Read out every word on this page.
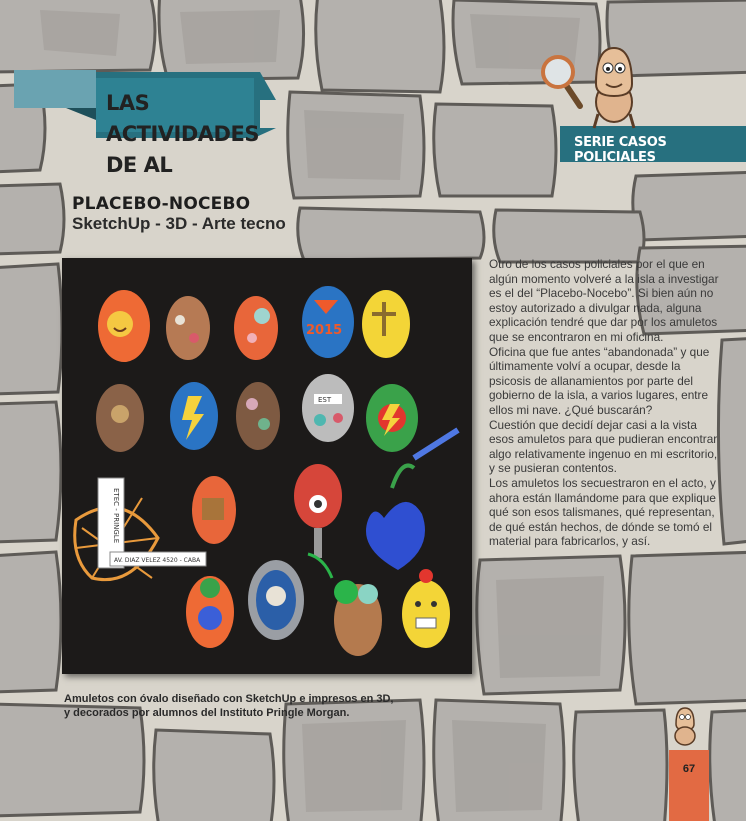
LAS ACTIVIDADES
DE AL
SERIE CASOS POLICIALES
PLACEBO-NOCEBO
SketchUp - 3D - Arte tecno
2015
EST
ETEC - PRINGLE
AV. DIAZ VELEZ 4520 - CABA

Amuletos con óvalo diseñado con SketchUp e impresos en 3D, y decorados por alumnos del Instituto Pringle Morgan.

Otro de los casos policiales por el que en algún momento volveré a la isla a investigar es el del “Placebo-Nocebo”. Si bien aún no estoy autorizado a divulgar nada, alguna explicación tendré que dar por los amuletos que se encontraron en mi oficina.

Oficina que fue antes “abandonada” y que últimamente volví a ocupar, desde la psicosis de allanamientos por parte del gobierno de la isla, a varios lugares, entre ellos mi nave. ¿Qué buscarán?

Cuestión que decidí dejar casi a la vista esos amuletos para que pudieran encontrar algo relativamente ingenuo en mi escritorio, y se pusieran contentos.

Los amuletos los secuestraron en el acto, y ahora están llamándome para que explique qué son esos talismanes, qué representan, de qué están hechos, de dónde se tomó el material para fabricarlos, y así.

67
